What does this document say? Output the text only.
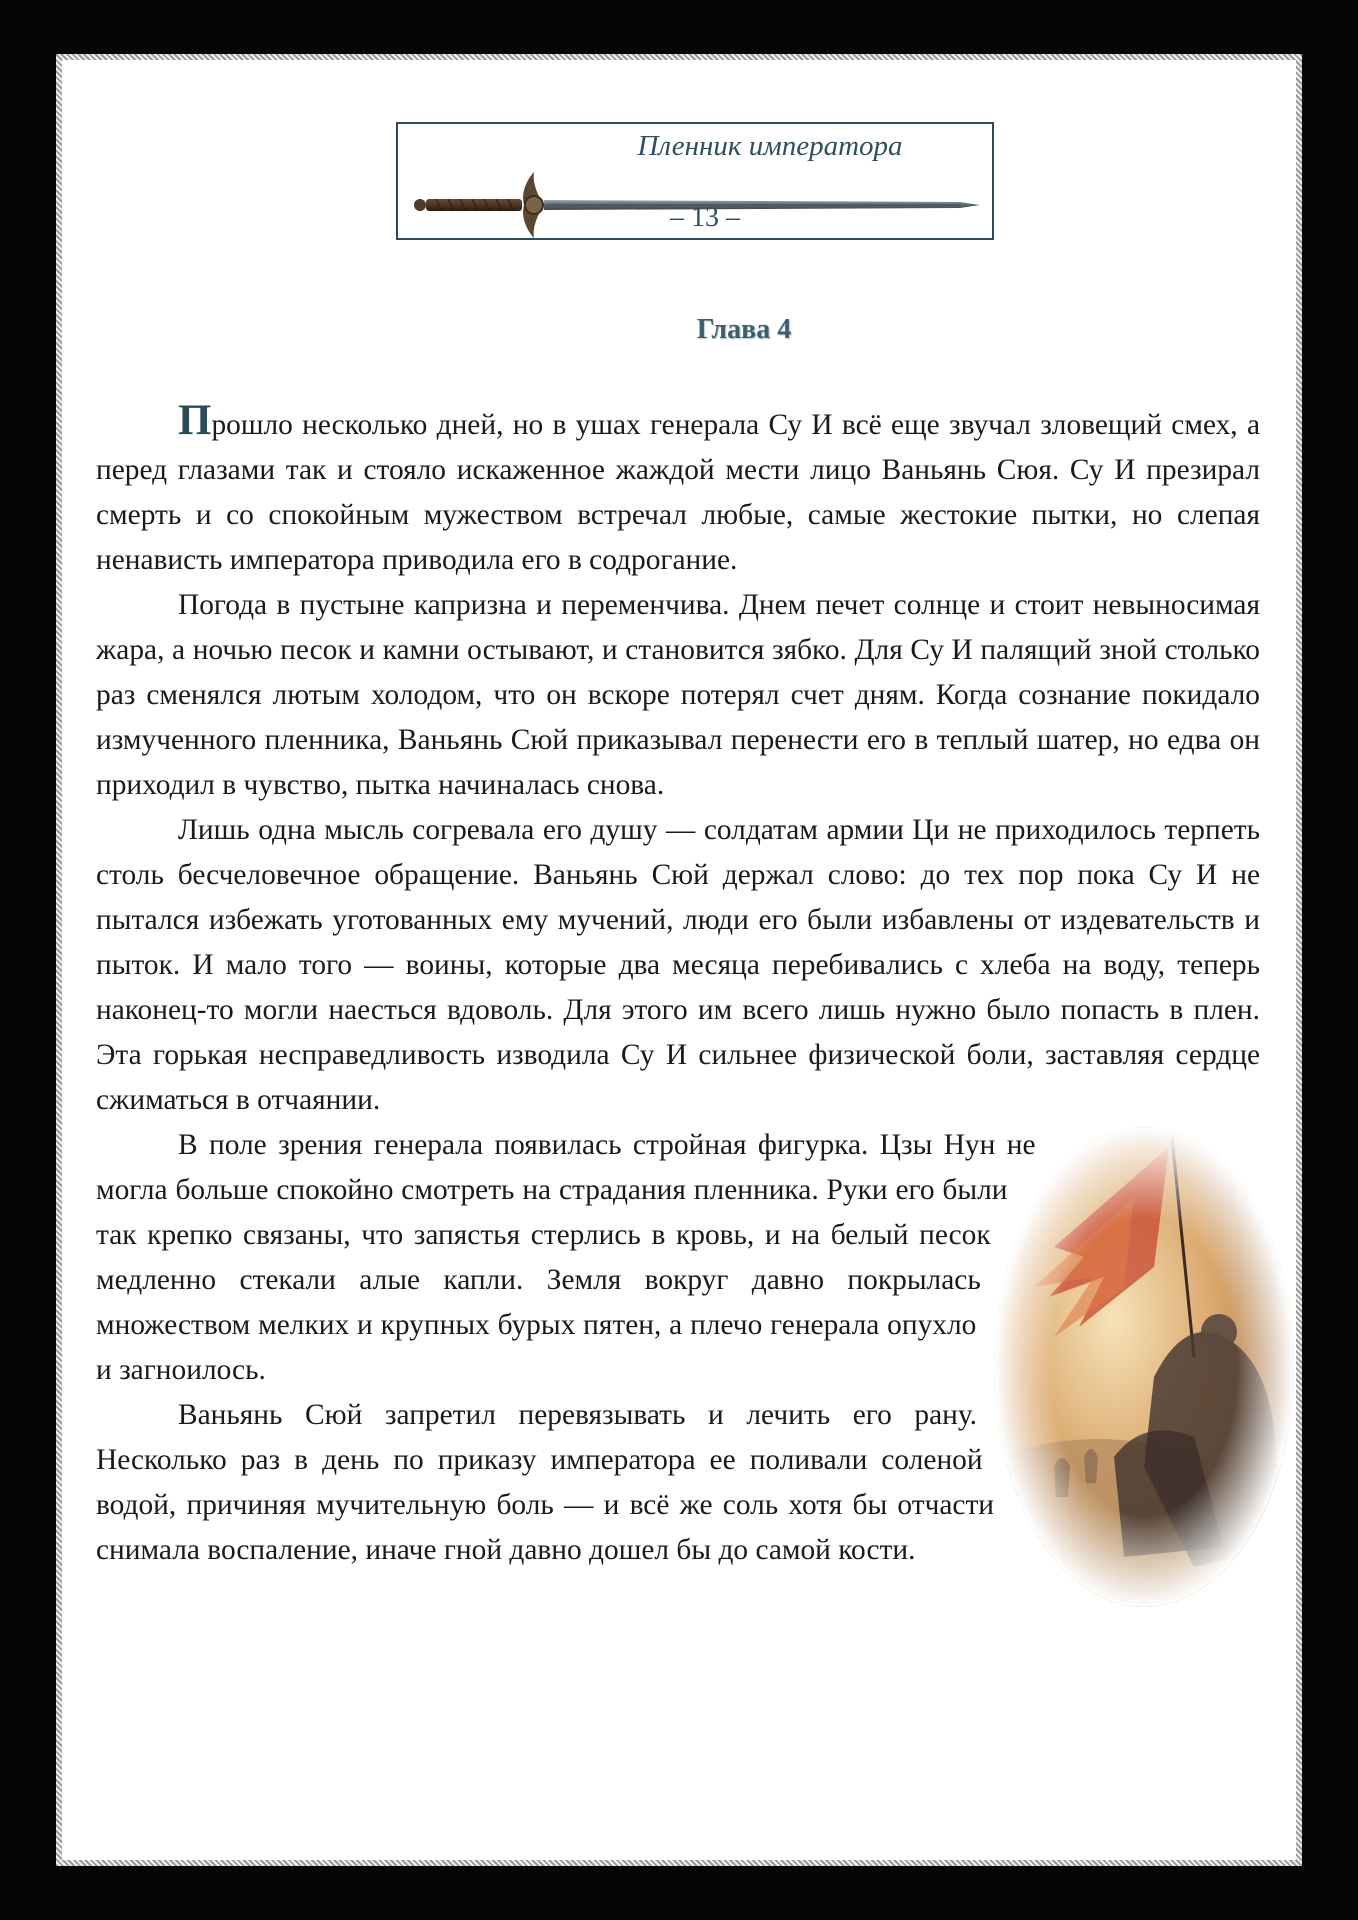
Пленник императора
– 13 –
Глава 4

Прошло несколько дней, но в ушах генерала Су И всё еще звучал зловещий смех, а перед глазами так и стояло искаженное жаждой мести лицо Ваньянь Сюя. Су И презирал смерть и со спокойным мужеством встречал любые, самые жестокие пытки, но слепая ненависть императора приводила его в содрогание.

Погода в пустыне капризна и переменчива. Днем печет солнце и стоит невыносимая жара, а ночью песок и камни остывают, и становится зябко. Для Су И палящий зной столько раз сменялся лютым холодом, что он вскоре потерял счет дням. Когда сознание покидало измученного пленника, Ваньянь Сюй приказывал перенести его в теплый шатер, но едва он приходил в чувство, пытка начиналась снова.

Лишь одна мысль согревала его душу — солдатам армии Ци не приходилось терпеть столь бесчеловечное обращение. Ваньянь Сюй держал слово: до тех пор пока Су И не пытался избежать уготованных ему мучений, люди его были избавлены от издевательств и пыток. И мало того — воины, которые два месяца перебивались с хлеба на воду, теперь наконец-то могли наесться вдоволь. Для этого им всего лишь нужно было попасть в плен. Эта горькая несправедливость изводила Су И сильнее физической боли, заставляя сердце сжиматься в отчаянии.

В поле зрения генерала появилась стройная фигурка. Цзы Нун не могла больше спокойно смотреть на страдания пленника. Руки его были так крепко связаны, что запястья стерлись в кровь, и на белый песок медленно стекали алые капли. Земля вокруг давно покрылась множеством мелких и крупных бурых пятен, а плечо генерала опухло и загноилось.

Ваньянь Сюй запретил перевязывать и лечить его рану. Несколько раз в день по приказу императора ее поливали соленой водой, причиняя мучительную боль — и всё же соль хотя бы отчасти снимала воспаление, иначе гной давно дошел бы до самой кости.
